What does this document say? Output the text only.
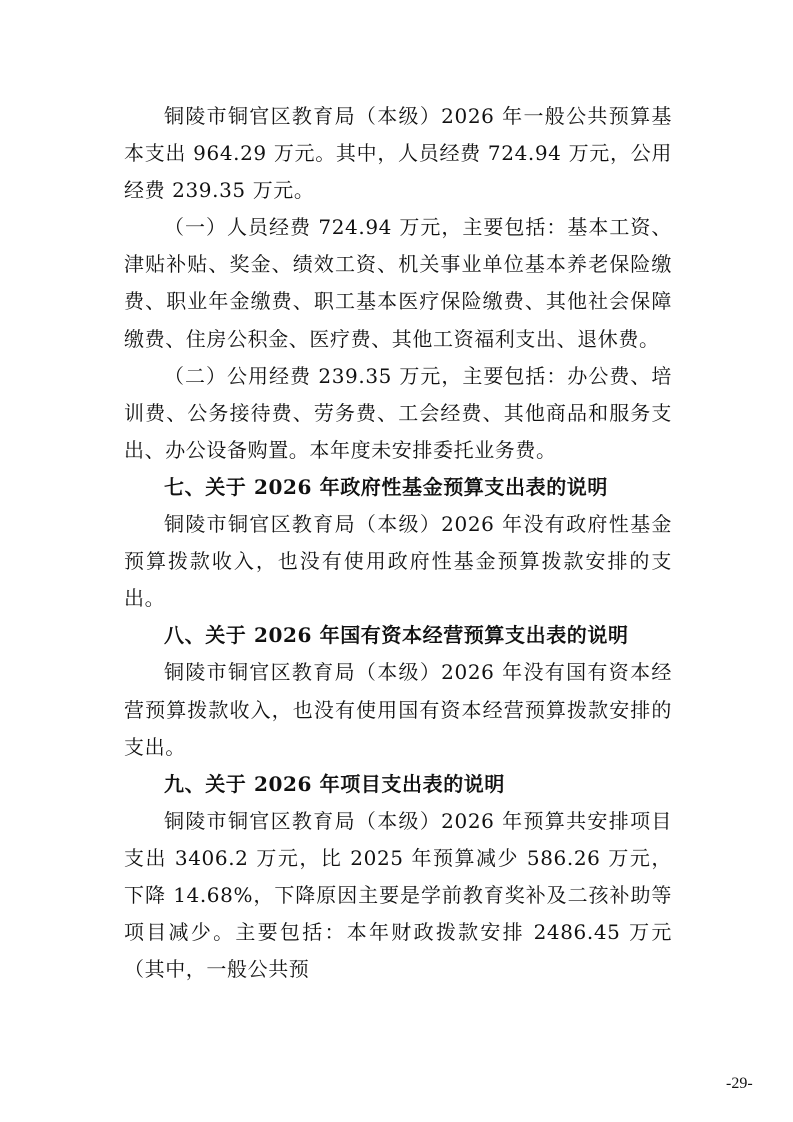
铜陵市铜官区教育局（本级）2026 年一般公共预算基本支出 964.29 万元。其中，人员经费 724.94 万元，公用经费 239.35 万元。

（一）人员经费 724.94 万元，主要包括：基本工资、津贴补贴、奖金、绩效工资、机关事业单位基本养老保险缴费、职业年金缴费、职工基本医疗保险缴费、其他社会保障缴费、住房公积金、医疗费、其他工资福利支出、退休费。

（二）公用经费 239.35 万元，主要包括：办公费、培训费、公务接待费、劳务费、工会经费、其他商品和服务支出、办公设备购置。本年度未安排委托业务费。

七、关于 2026 年政府性基金预算支出表的说明

铜陵市铜官区教育局（本级）2026 年没有政府性基金预算拨款收入，也没有使用政府性基金预算拨款安排的支出。

八、关于 2026 年国有资本经营预算支出表的说明

铜陵市铜官区教育局（本级）2026 年没有国有资本经营预算拨款收入，也没有使用国有资本经营预算拨款安排的支出。

九、关于 2026 年项目支出表的说明

铜陵市铜官区教育局（本级）2026 年预算共安排项目支出 3406.2 万元，比 2025 年预算减少 586.26 万元，下降 14.68%，下降原因主要是学前教育奖补及二孩补助等项目减少。主要包括：本年财政拨款安排 2486.45 万元（其中，一般公共预

-29-
